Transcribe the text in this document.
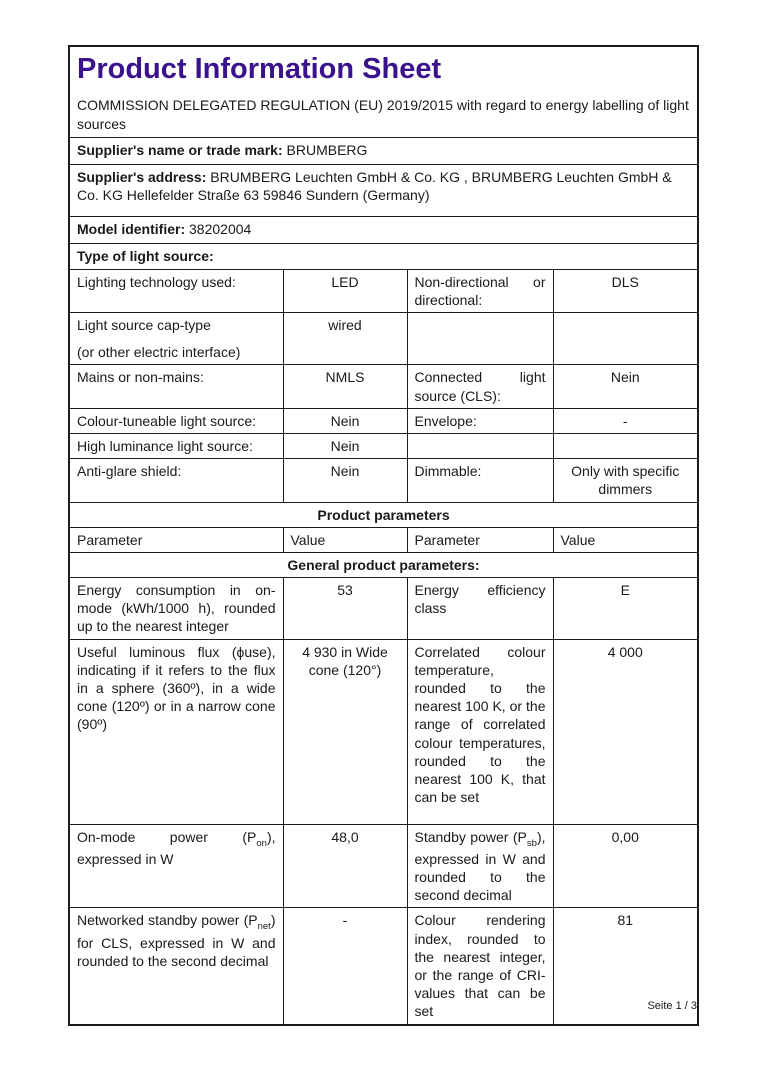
Product Information Sheet
COMMISSION DELEGATED REGULATION (EU) 2019/2015 with regard to energy labelling of light sources

Supplier's name or trade mark: BRUMBERG			
Supplier's address: BRUMBERG Leuchten GmbH & Co. KG , BRUMBERG Leuchten GmbH & Co. KG Hellefelder Straße 63 59846 Sundern (Germany)			
Model identifier: 38202004			
Type of light source:			
Lighting technology used:	LED	Non-directional or directional:	DLS
Light source cap-type
(or other electric interface)	wired		
Mains or non-mains:	NMLS	Connected light source (CLS):	Nein
Colour-tuneable light source:	Nein	Envelope:	-
High luminance light source:	Nein		
Anti-glare shield:	Nein	Dimmable:	Only with specific dimmers
Product parameters			
Parameter	Value	Parameter	Value
General product parameters:			
Energy consumption in on-mode (kWh/1000 h), rounded up to the nearest integer	53	Energy efficiency class	E
Useful luminous flux (ϕuse), indicating if it refers to the flux in a sphere (360º), in a wide cone (120º) or in a narrow cone (90º)	4 930 in Wide cone (120°)	Correlated colour temperature, rounded to the nearest 100 K, or the range of correlated colour temperatures, rounded to the nearest 100 K, that can be set	4 000
On-mode power $(P_{on})$, expressed in W	48,0	Standby power $(P_{sb})$, expressed in W and rounded to the second decimal	0,00
Networked standby power $(P_{net})$ for CLS, expressed in W and rounded to the second decimal	-	Colour rendering index, rounded to the nearest integer, or the range of CRI-values that can be set	81
Seite 1 / 3
